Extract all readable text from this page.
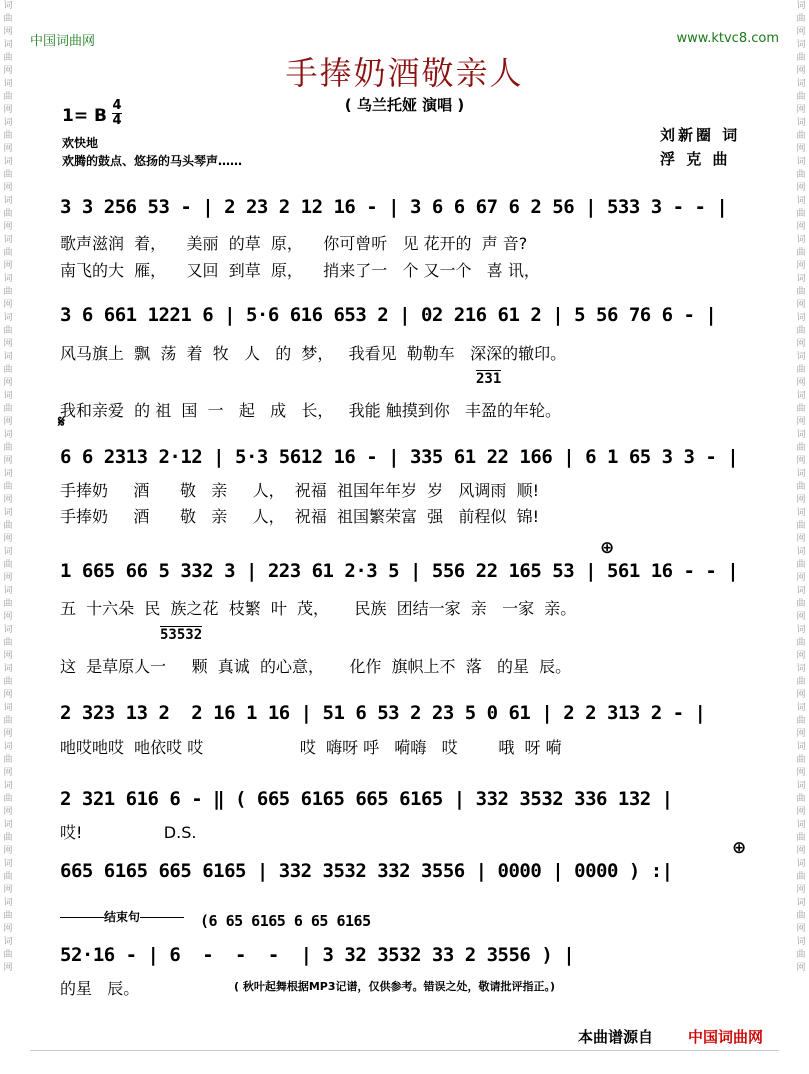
词曲网词曲网词曲网词曲网词曲网词曲网词曲网词曲网词曲网词曲网词曲网词曲网词曲网词曲网词曲网词曲网词曲网词曲网词曲网词曲网词曲网词曲网词曲网词曲网词曲网
词曲网词曲网词曲网词曲网词曲网词曲网词曲网词曲网词曲网词曲网词曲网词曲网词曲网词曲网词曲网词曲网词曲网词曲网词曲网词曲网词曲网词曲网词曲网词曲网词曲网
中国词曲网	www.ktvc8.com
手捧奶酒敬亲人
( 乌兰托娅 演唱 )
1= B
4
4
欢快地
欢腾的鼓点、悠扬的马头琴声……
刘新圈 词
浮 克 曲
3 3 256 53 - | 2 23 2 12 16 - | 3 6 6 67 6 2 56 | 533 3 - - |
歌声滋润  着，    美丽  的草  原，    你可曾听   见 花开的  声 音?
南飞的大  雁，    又回  到草  原，    捎来了一   个 又一个   喜 讯，
3 6 661 1221 6 | 5·6 616 653 2 | 02 216 61 2 | 5 56 76 6 - |
风马旗上  飘  荡  着  牧   人   的  梦，   我看见  勒勒车   深深的辙印。
231
我和亲爱  的 祖  国  一   起   成   长，   我能 触摸到你   丰盈的年轮。
𝄋
6 6 2313 2·12 | 5·3 5612 16 - | 335 61 22 166 | 6 1 65 3 3 - |
手捧奶     酒      敬   亲     人，  祝福  祖国年年岁  岁   风调雨  顺!
手捧奶     酒      敬   亲     人，  祝福  祖国繁荣富  强   前程似  锦!
⊕
1 665 66 5 332 3 | 223 61 2·3 5 | 556 22 165 53 | 561 16 - - |
五  十六朵  民  族之花  枝繁  叶  茂，     民族  团结一家  亲   一家  亲。
53532
这  是草原人一     颗  真诚  的心意，     化作  旗帜上不  落   的星  辰。
2 323 13 2  2 16 1 16 | 51 6 53 2 23 5 0 61 | 2 2 313 2 - |
吔哎吔哎  吔依哎 哎                   哎  嗨呀 呼   嗬嗨   哎        哦  呀 嗬
2 321 616 6 - ‖ ( 665 6165 665 6165 | 332 3532 336 132 |
哎!                D.S.
⊕
665 6165 665 6165 | 332 3532 332 3556 | 0000 | 0000 ) :|
结束句	(6 65 6165 6 65 6165
52·16 - | 6  -  -  -  | 3 32 3532 33 2 3556 ) |
的星   辰。	( 秋叶起舞根据MP3记谱，仅供参考。错误之处，敬请批评指正。)
本曲谱源自 中国词曲网
